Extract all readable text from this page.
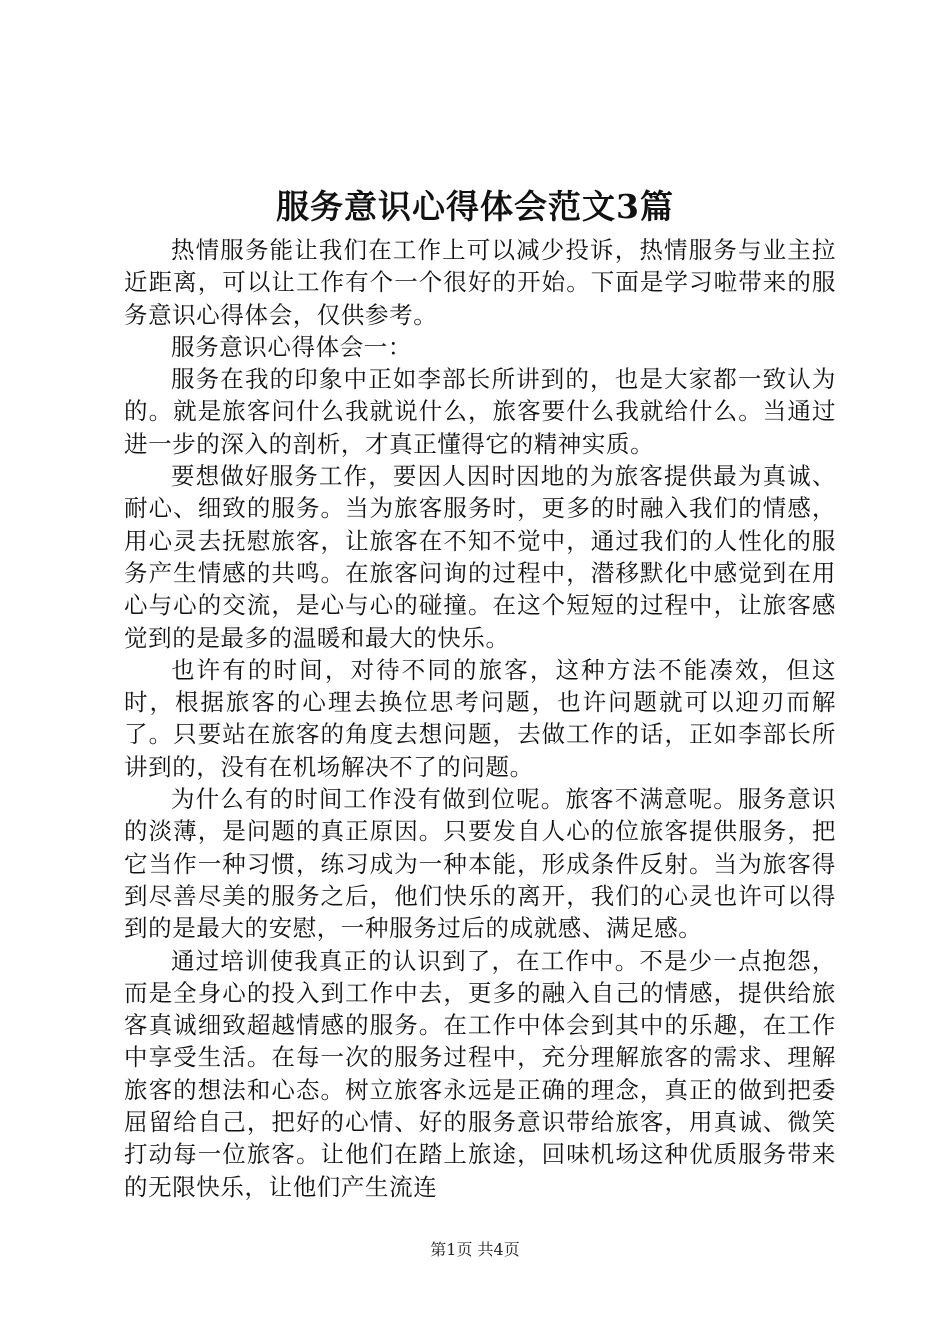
服务意识心得体会范文3篇

热情服务能让我们在工作上可以减少投诉，热情服务与业主拉近距离，可以让工作有个一个很好的开始。下面是学习啦带来的服务意识心得体会，仅供参考。

服务意识心得体会一：

服务在我的印象中正如李部长所讲到的，也是大家都一致认为的。就是旅客问什么我就说什么，旅客要什么我就给什么。当通过进一步的深入的剖析，才真正懂得它的精神实质。

要想做好服务工作，要因人因时因地的为旅客提供最为真诚、耐心、细致的服务。当为旅客服务时，更多的时融入我们的情感，用心灵去抚慰旅客，让旅客在不知不觉中，通过我们的人性化的服务产生情感的共鸣。在旅客问询的过程中，潜移默化中感觉到在用心与心的交流，是心与心的碰撞。在这个短短的过程中，让旅客感觉到的是最多的温暖和最大的快乐。

也许有的时间，对待不同的旅客，这种方法不能凑效，但这时，根据旅客的心理去换位思考问题，也许问题就可以迎刃而解了。只要站在旅客的角度去想问题，去做工作的话，正如李部长所讲到的，没有在机场解决不了的问题。

为什么有的时间工作没有做到位呢。旅客不满意呢。服务意识的淡薄，是问题的真正原因。只要发自人心的位旅客提供服务，把它当作一种习惯，练习成为一种本能，形成条件反射。当为旅客得到尽善尽美的服务之后，他们快乐的离开，我们的心灵也许可以得到的是最大的安慰，一种服务过后的成就感、满足感。

通过培训使我真正的认识到了，在工作中。不是少一点抱怨，而是全身心的投入到工作中去，更多的融入自己的情感，提供给旅客真诚细致超越情感的服务。在工作中体会到其中的乐趣，在工作中享受生活。在每一次的服务过程中，充分理解旅客的需求、理解旅客的想法和心态。树立旅客永远是正确的理念，真正的做到把委屈留给自己，把好的心情、好的服务意识带给旅客，用真诚、微笑打动每一位旅客。让他们在踏上旅途，回味机场这种优质服务带来的无限快乐，让他们产生流连

第1页 共4页
